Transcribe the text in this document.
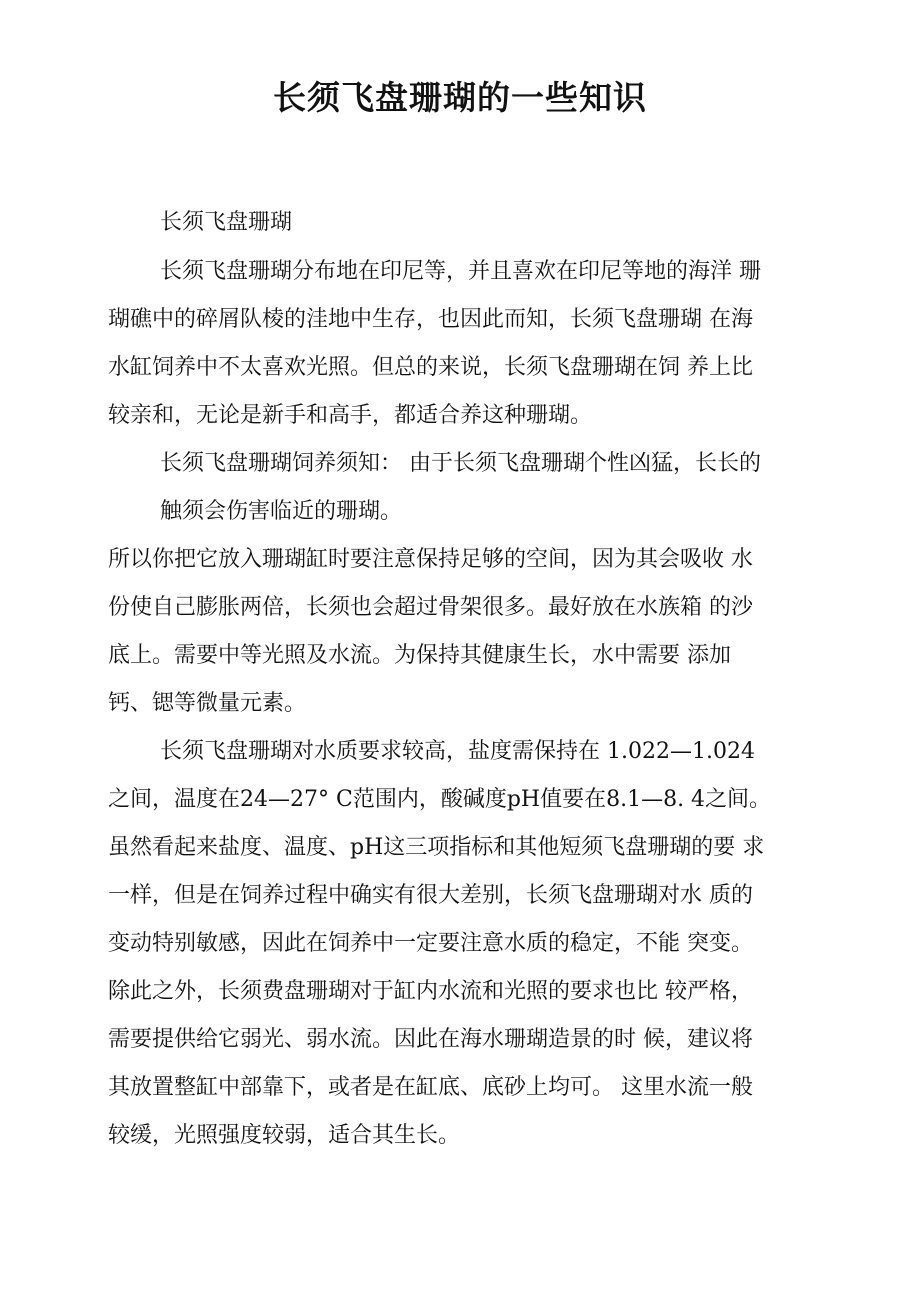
长须飞盘珊瑚的一些知识

长须飞盘珊瑚

长须飞盘珊瑚分布地在印尼等，并且喜欢在印尼等地的海洋 珊

瑚礁中的碎屑队棱的洼地中生存，也因此而知，长须飞盘珊瑚 在海

水缸饲养中不太喜欢光照。但总的来说，长须飞盘珊瑚在饲 养上比

较亲和，无论是新手和高手，都适合养这种珊瑚。

长须飞盘珊瑚饲养须知： 由于长须飞盘珊瑚个性凶猛，长长的

触须会伤害临近的珊瑚。

所以你把它放入珊瑚缸时要注意保持足够的空间，因为其会吸收 水

份使自己膨胀两倍，长须也会超过骨架很多。最好放在水族箱 的沙

底上。需要中等光照及水流。为保持其健康生长，水中需要 添加

钙、锶等微量元素。

长须飞盘珊瑚对水质要求较高，盐度需保持在 1.022—1.024

之间，温度在24—27° C范围内，酸碱度pH值要在8.1—8. 4之间。

虽然看起来盐度、温度、pH这三项指标和其他短须飞盘珊瑚的要 求

一样，但是在饲养过程中确实有很大差别，长须飞盘珊瑚对水 质的

变动特别敏感，因此在饲养中一定要注意水质的稳定，不能 突变。

除此之外，长须费盘珊瑚对于缸内水流和光照的要求也比 较严格，

需要提供给它弱光、弱水流。因此在海水珊瑚造景的时 候，建议将

其放置整缸中部靠下，或者是在缸底、底砂上均可。 这里水流一般

较缓，光照强度较弱，适合其生长。
